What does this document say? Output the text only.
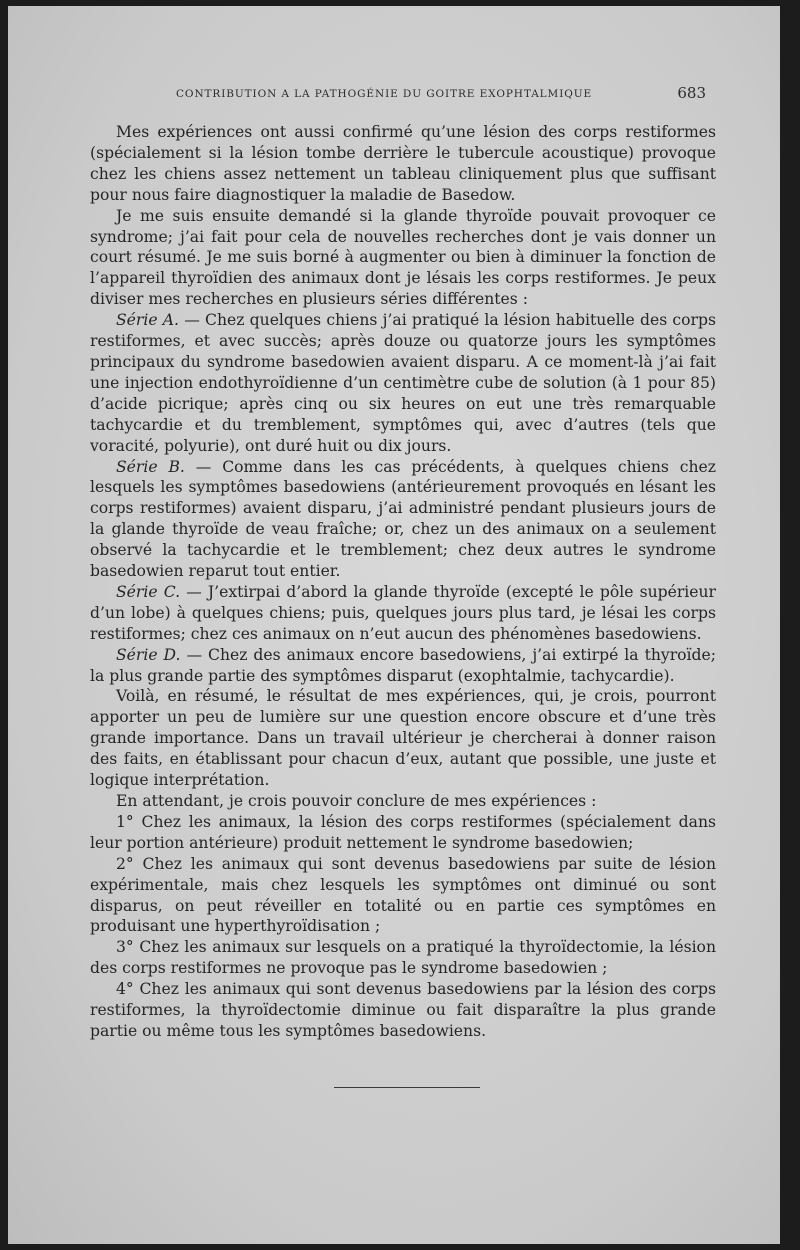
CONTRIBUTION A LA PATHOGÉNIE DU GOITRE EXOPHTALMIQUE	683

Mes expériences ont aussi confirmé qu’une lésion des corps restiformes (spécialement si la lésion tombe derrière le tubercule acoustique) provoque chez les chiens assez nettement un tableau cliniquement plus que suffisant pour nous faire diagnostiquer la maladie de Basedow.

Je me suis ensuite demandé si la glande thyroïde pouvait provoquer ce syndrome; j’ai fait pour cela de nouvelles recherches dont je vais donner un court résumé. Je me suis borné à augmenter ou bien à diminuer la fonction de l’appareil thyroïdien des animaux dont je lésais les corps restiformes. Je peux diviser mes recherches en plusieurs séries différentes :

Série A. — Chez quelques chiens j’ai pratiqué la lésion habituelle des corps restiformes, et avec succès; après douze ou quatorze jours les symptômes principaux du syndrome basedowien avaient disparu. A ce moment-là j’ai fait une injection endothyroïdienne d’un centimètre cube de solution (à 1 pour 85) d’acide picrique; après cinq ou six heures on eut une très remarquable tachycardie et du tremblement, symptômes qui, avec d’autres (tels que voracité, polyurie), ont duré huit ou dix jours.

Série B. — Comme dans les cas précédents, à quelques chiens chez lesquels les symptômes basedowiens (antérieurement provoqués en lésant les corps restiformes) avaient disparu, j’ai administré pendant plusieurs jours de la glande thyroïde de veau fraîche; or, chez un des animaux on a seulement observé la tachycardie et le tremblement; chez deux autres le syndrome basedowien reparut tout entier.

Série C. — J’extirpai d’abord la glande thyroïde (excepté le pôle supérieur d’un lobe) à quelques chiens; puis, quelques jours plus tard, je lésai les corps restiformes; chez ces animaux on n’eut aucun des phénomènes basedowiens.

Série D. — Chez des animaux encore basedowiens, j’ai extirpé la thyroïde; la plus grande partie des symptômes disparut (exophtalmie, tachycardie).

Voilà, en résumé, le résultat de mes expériences, qui, je crois, pourront apporter un peu de lumière sur une question encore obscure et d’une très grande importance. Dans un travail ultérieur je chercherai à donner raison des faits, en établissant pour chacun d’eux, autant que possible, une juste et logique interprétation.

En attendant, je crois pouvoir conclure de mes expériences :

1° Chez les animaux, la lésion des corps restiformes (spécialement dans leur portion antérieure) produit nettement le syndrome basedowien;

2° Chez les animaux qui sont devenus basedowiens par suite de lésion expérimentale, mais chez lesquels les symptômes ont diminué ou sont disparus, on peut réveiller en totalité ou en partie ces symptômes en produisant une hyperthyroïdisation ;

3° Chez les animaux sur lesquels on a pratiqué la thyroïdectomie, la lésion des corps restiformes ne provoque pas le syndrome basedowien ;

4° Chez les animaux qui sont devenus basedowiens par la lésion des corps restiformes, la thyroïdectomie diminue ou fait disparaître la plus grande partie ou même tous les symptômes basedowiens.
